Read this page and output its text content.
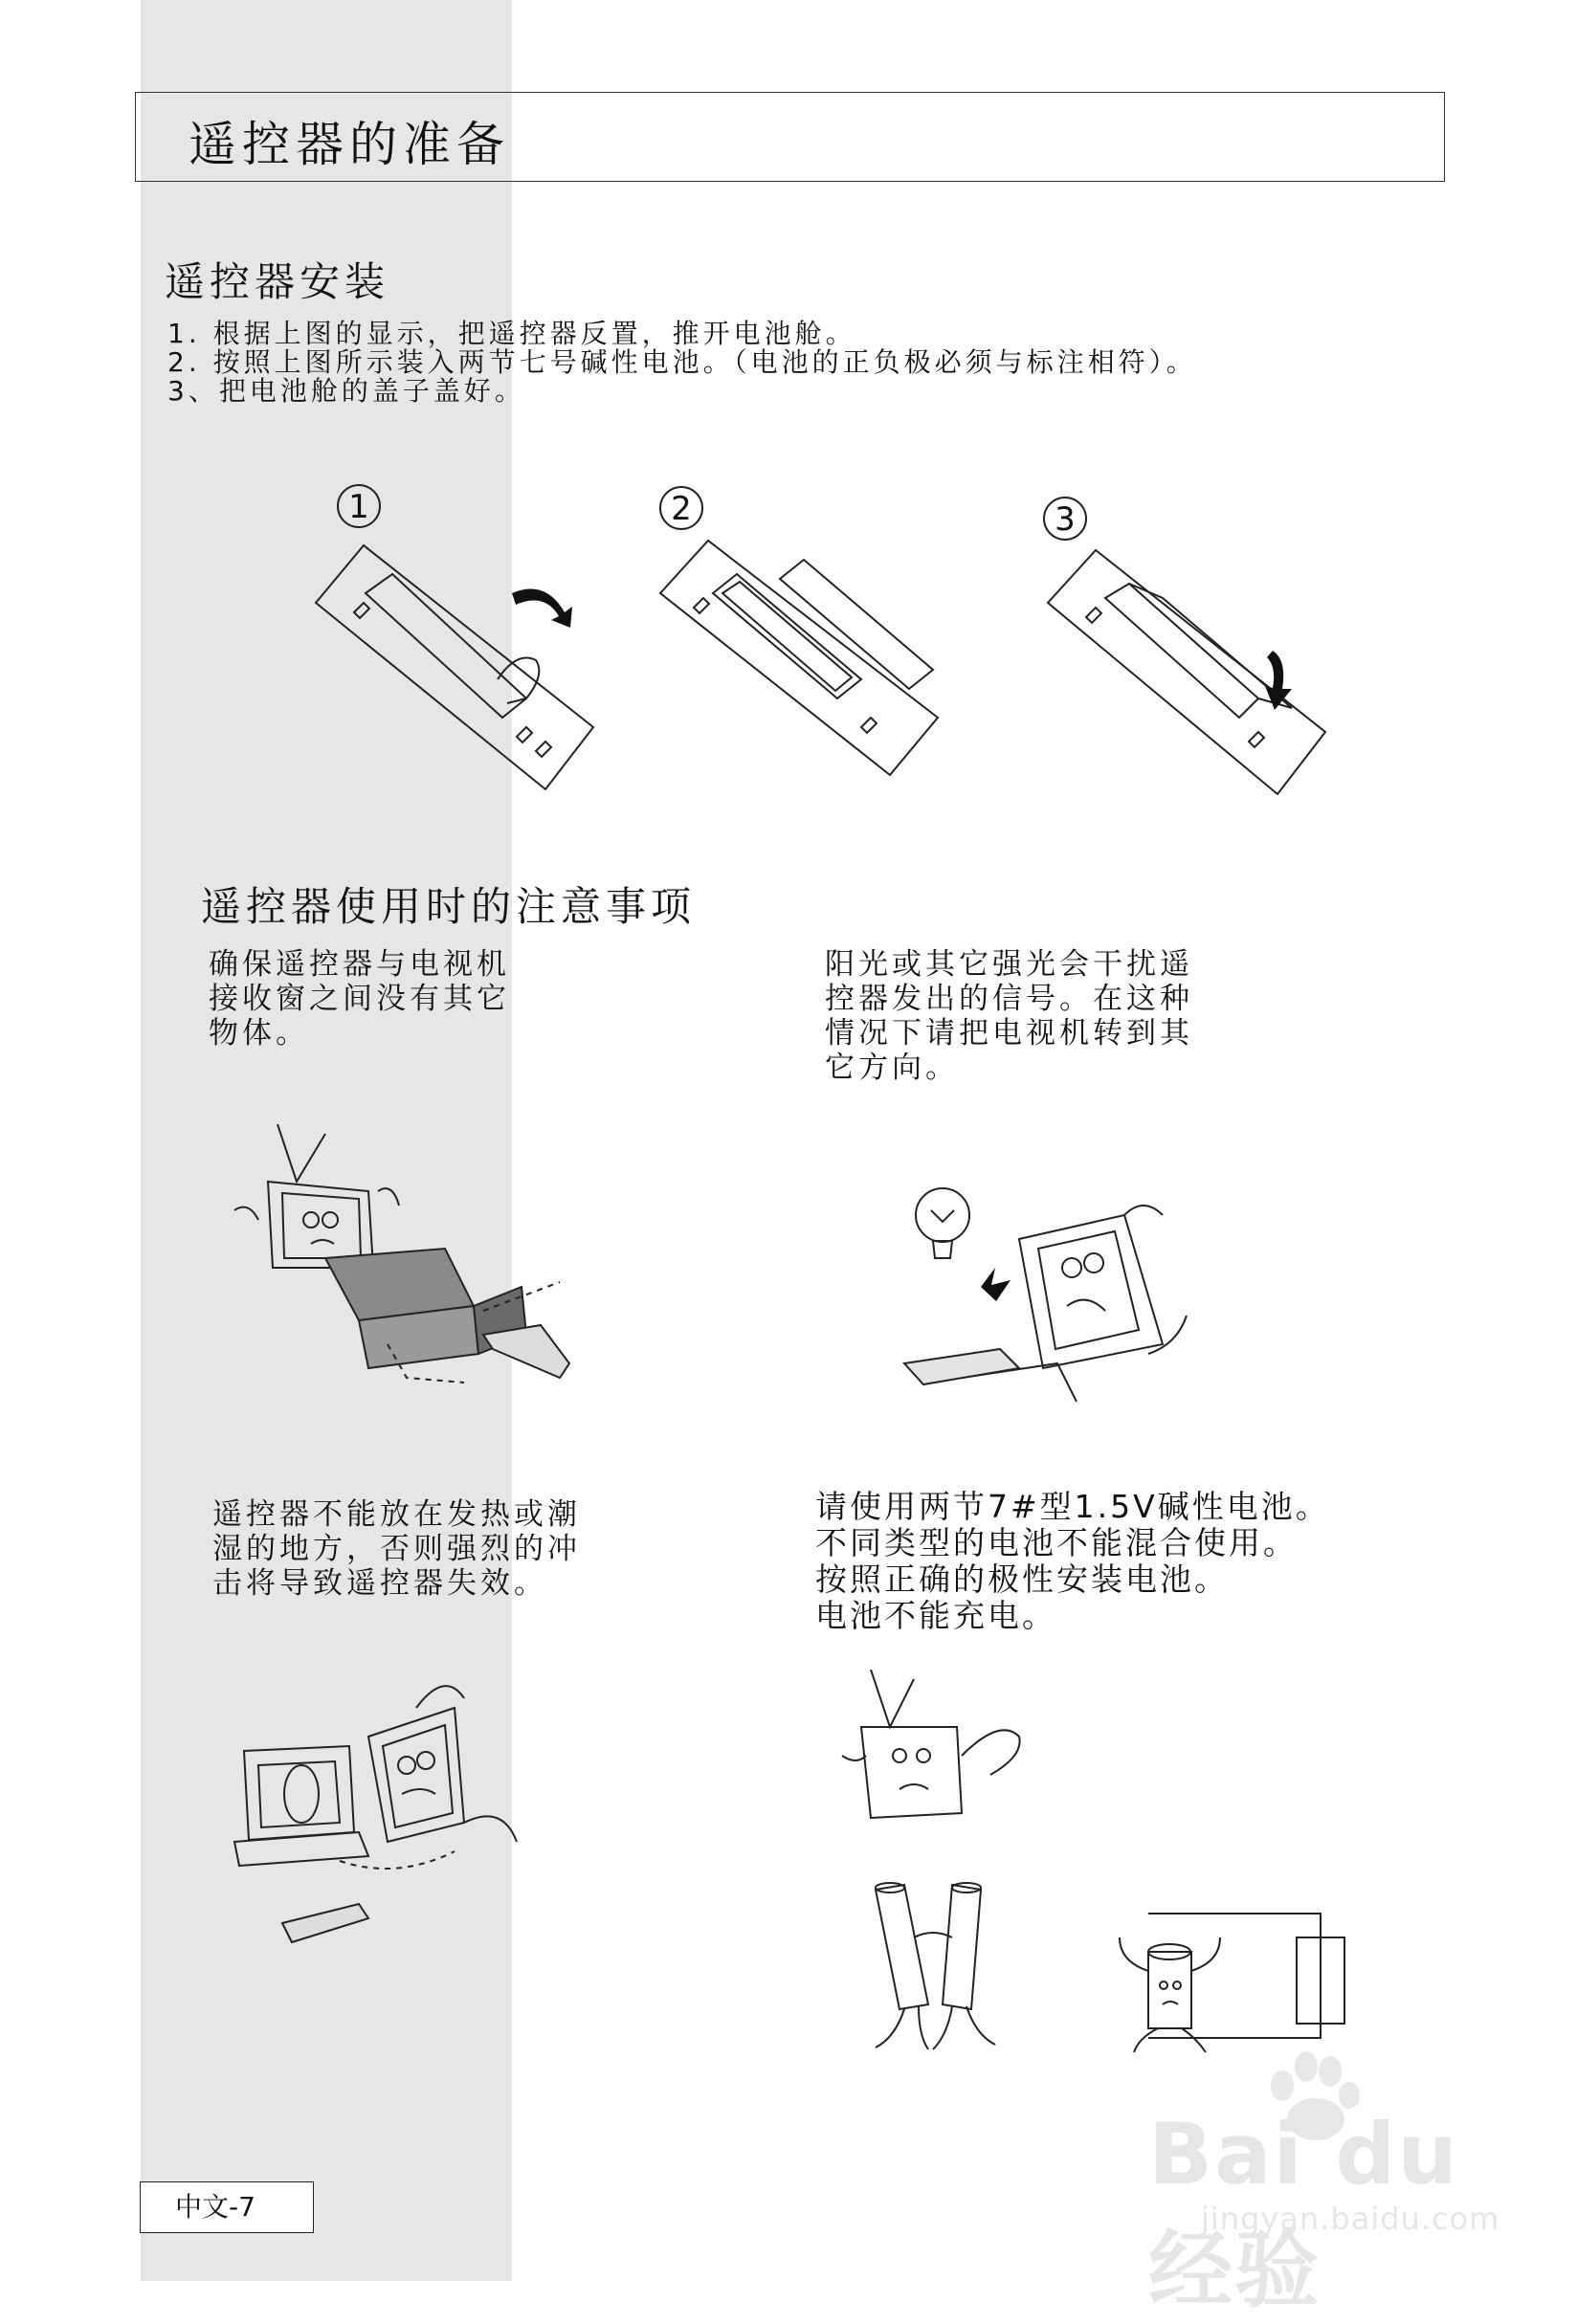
遥控器的准备
遥控器安装
1. 根据上图的显示，把遥控器反置，推开电池舱。
2. 按照上图所示装入两节七号碱性电池。（电池的正负极必须与标注相符）。
3、把电池舱的盖子盖好。
1	2	3
遥控器使用时的注意事项
确保遥控器与电视机
接收窗之间没有其它
物体。
阳光或其它强光会干扰遥
控器发出的信号。在这种
情况下请把电视机转到其
它方向。
遥控器不能放在发热或潮
湿的地方，否则强烈的冲
击将导致遥控器失效。
请使用两节7#型1.5V碱性电池。
不同类型的电池不能混合使用。
按照正确的极性安装电池。
电池不能充电。
Bai du 经验
jingyan.baidu.com
中文-7
